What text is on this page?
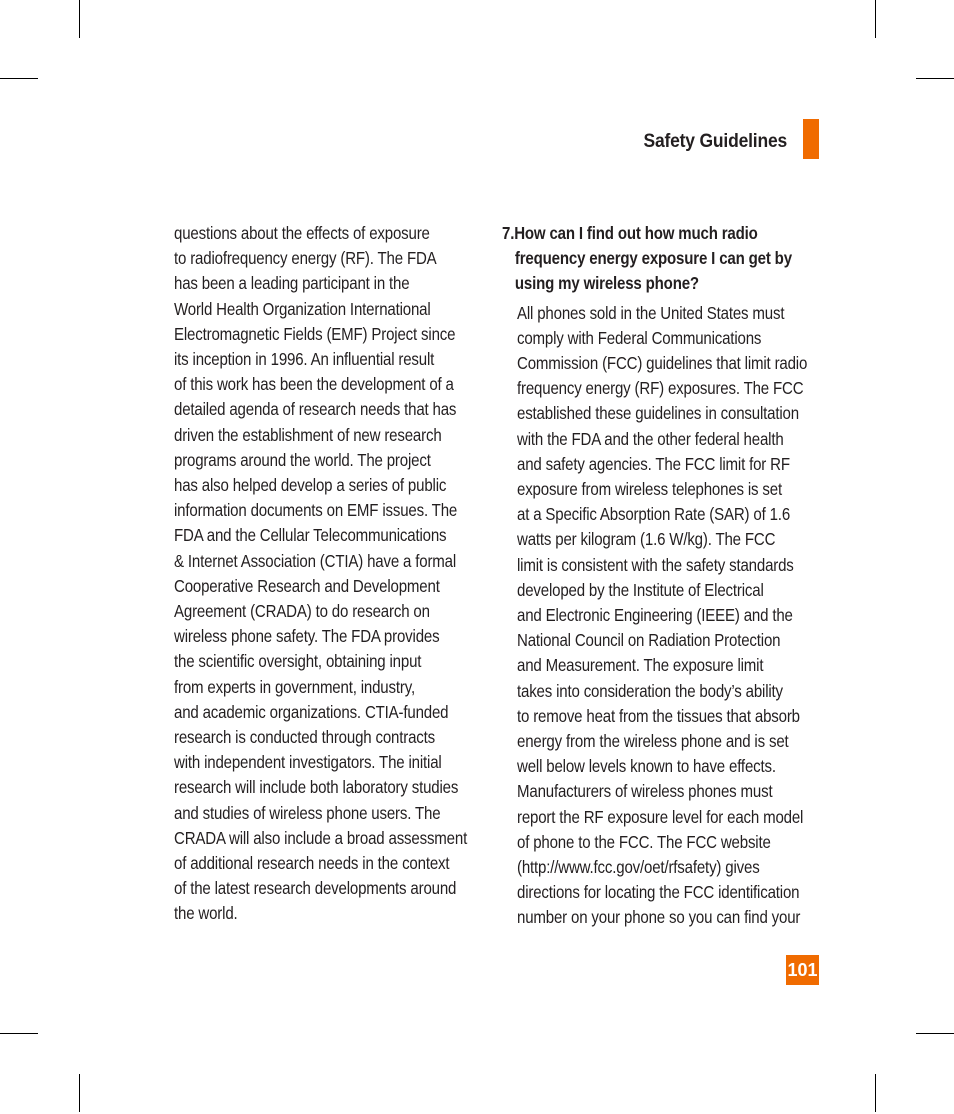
Safety Guidelines
questions about the effects of exposure
to radiofrequency energy (RF). The FDA
has been a leading participant in the
World Health Organization International
Electromagnetic Fields (EMF) Project since
its inception in 1996. An influential result
of this work has been the development of a
detailed agenda of research needs that has
driven the establishment of new research
programs around the world. The project
has also helped develop a series of public
information documents on EMF issues. The
FDA and the Cellular Telecommunications
& Internet Association (CTIA) have a formal
Cooperative Research and Development
Agreement (CRADA) to do research on
wireless phone safety. The FDA provides
the scientific oversight, obtaining input
from experts in government, industry,
and academic organizations. CTIA-funded
research is conducted through contracts
with independent investigators. The initial
research will include both laboratory studies
and studies of wireless phone users. The
CRADA will also include a broad assessment
of additional research needs in the context
of the latest research developments around
the world.
7.How can I find out how much radio
frequency energy exposure I can get by
using my wireless phone?
All phones sold in the United States must
comply with Federal Communications
Commission (FCC) guidelines that limit radio
frequency energy (RF) exposures. The FCC
established these guidelines in consultation
with the FDA and the other federal health
and safety agencies. The FCC limit for RF
exposure from wireless telephones is set
at a Specific Absorption Rate (SAR) of 1.6
watts per kilogram (1.6 W/kg). The FCC
limit is consistent with the safety standards
developed by the Institute of Electrical
and Electronic Engineering (IEEE) and the
National Council on Radiation Protection
and Measurement. The exposure limit
takes into consideration the body’s ability
to remove heat from the tissues that absorb
energy from the wireless phone and is set
well below levels known to have effects.
Manufacturers of wireless phones must
report the RF exposure level for each model
of phone to the FCC. The FCC website
(http://www.fcc.gov/oet/rfsafety) gives
directions for locating the FCC identification
number on your phone so you can find your
101
